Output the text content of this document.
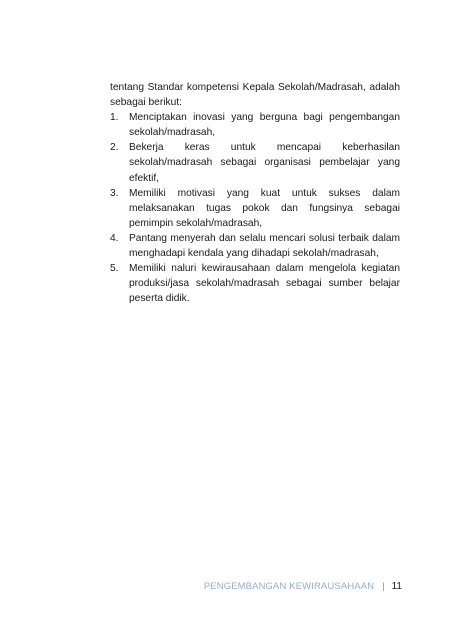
tentang Standar kompetensi Kepala Sekolah/Madrasah, adalah sebagai berikut:

1.	Menciptakan inovasi yang berguna bagi pengembangan sekolah/madrasah,
2.	Bekerja keras untuk mencapai keberhasilan sekolah/madrasah sebagai organisasi pembelajar yang efektif,
3.	Memiliki motivasi yang kuat untuk sukses dalam melaksanakan tugas pokok dan fungsinya sebagai pemimpin sekolah/madrasah,
4.	Pantang menyerah dan selalu mencari solusi terbaik dalam menghadapi kendala yang dihadapi sekolah/madrasah,
5.	Memiliki naluri kewirausahaan dalam mengelola kegiatan produksi/jasa sekolah/madrasah sebagai sumber belajar peserta didik.
PENGEMBANGAN KEWIRAUSAHAAN | 11
